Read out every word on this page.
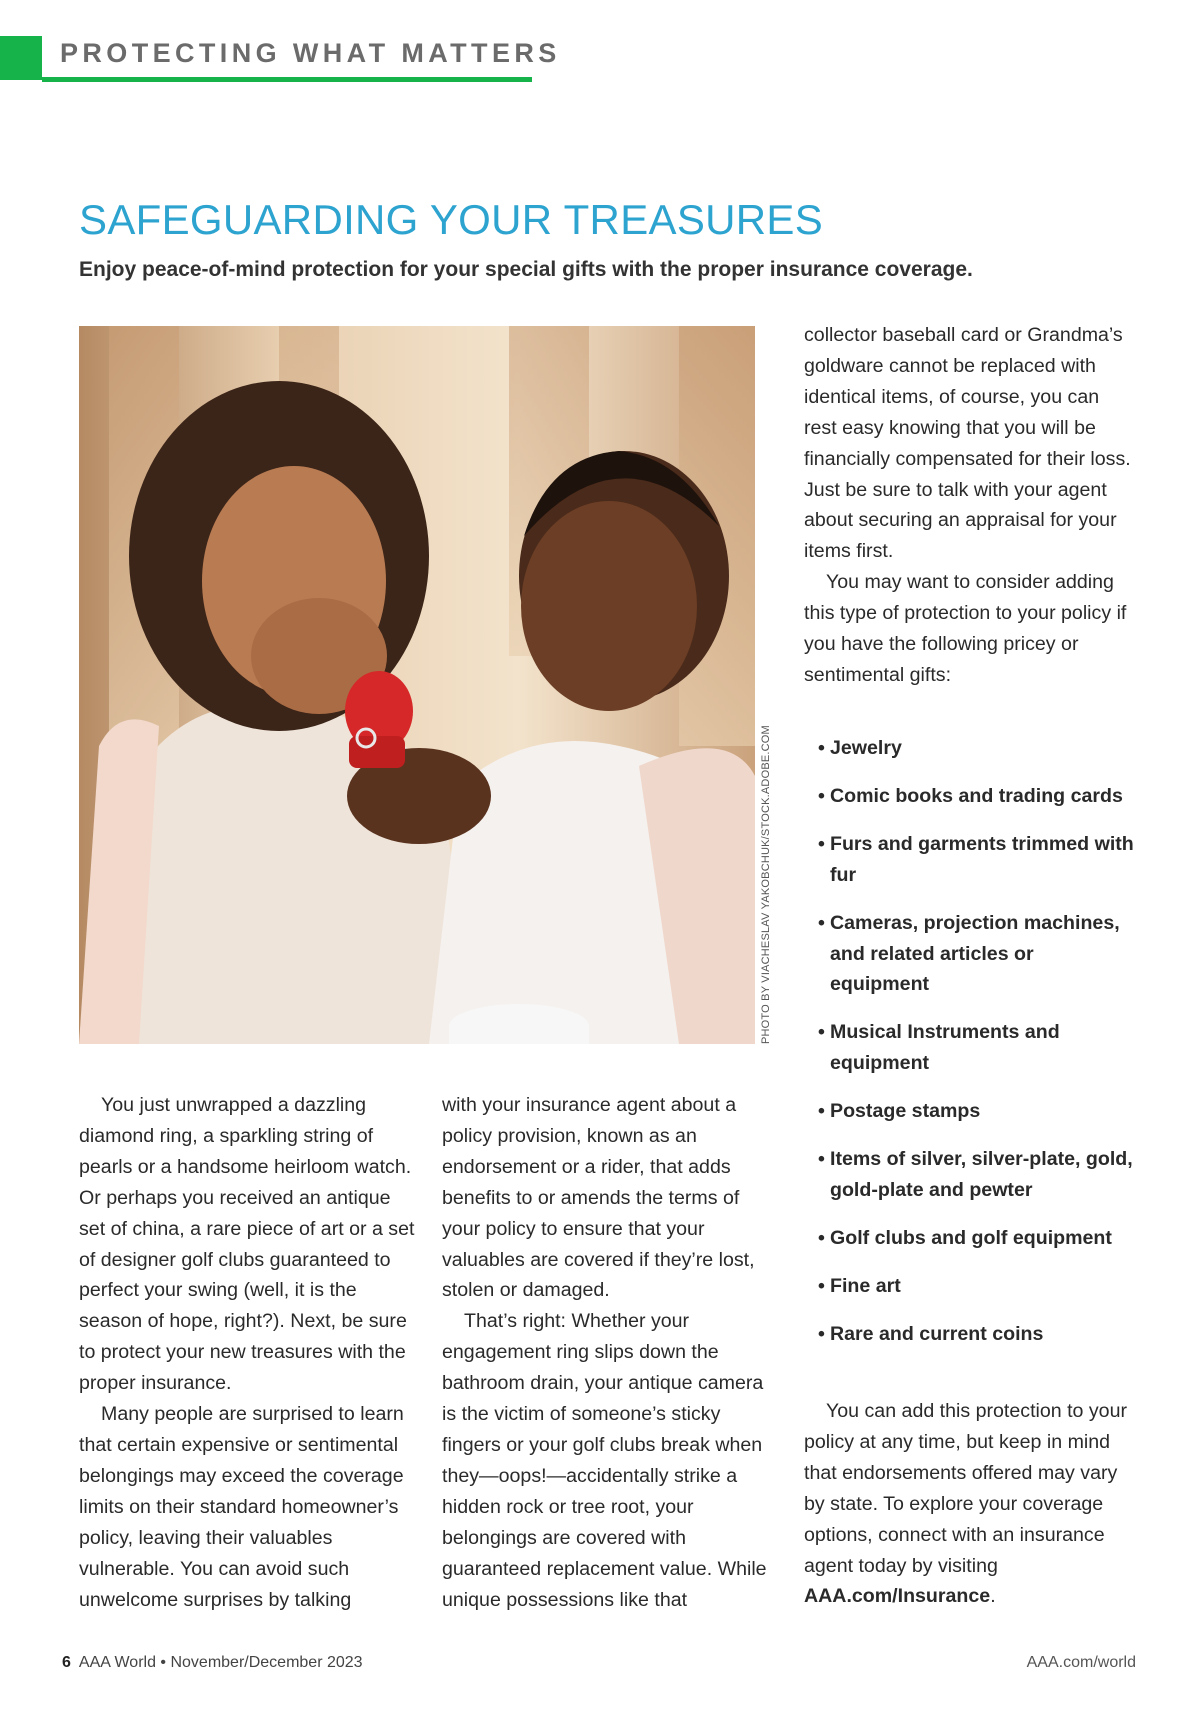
PROTECTING WHAT MATTERS
SAFEGUARDING YOUR TREASURES
Enjoy peace-of-mind protection for your special gifts with the proper insurance coverage.
PHOTO BY VIACHESLAV YAKOBCHUK/STOCK.ADOBE.COM

You just unwrapped a dazzling diamond ring, a sparkling string of pearls or a handsome heirloom watch. Or perhaps you received an antique set of china, a rare piece of art or a set of designer golf clubs guaranteed to perfect your swing (well, it is the season of hope, right?). Next, be sure to protect your new treasures with the proper insurance.

Many people are surprised to learn that certain expensive or sentimental belongings may exceed the coverage limits on their standard homeowner’s policy, leaving their valuables vulnerable. You can avoid such unwelcome surprises by talking

with your insurance agent about a policy provision, known as an endorsement or a rider, that adds benefits to or amends the terms of your policy to ensure that your valuables are covered if they’re lost, stolen or damaged.

That’s right: Whether your engagement ring slips down the bathroom drain, your antique camera is the victim of someone’s sticky fingers or your golf clubs break when they—oops!—accidentally strike a hidden rock or tree root, your belongings are covered with guaranteed replacement value. While unique possessions like that

collector baseball card or Grandma’s goldware cannot be replaced with identical items, of course, you can rest easy knowing that you will be financially compensated for their loss. Just be sure to talk with your agent about securing an appraisal for your items first.

You may want to consider adding this type of protection to your policy if you have the following pricey or sentimental gifts:

• Jewelry
• Comic books and trading cards
• Furs and garments trimmed with fur
• Cameras, projection machines, and related articles or equipment
• Musical Instruments and equipment
• Postage stamps
• Items of silver, silver-plate, gold, gold-plate and pewter
• Golf clubs and golf equipment
• Fine art
• Rare and current coins

You can add this protection to your policy at any time, but keep in mind that endorsements offered may vary by state. To explore your coverage options, connect with an insurance agent today by visiting AAA.com/Insurance.

6 AAA World • November/December 2023	AAA.com/world
